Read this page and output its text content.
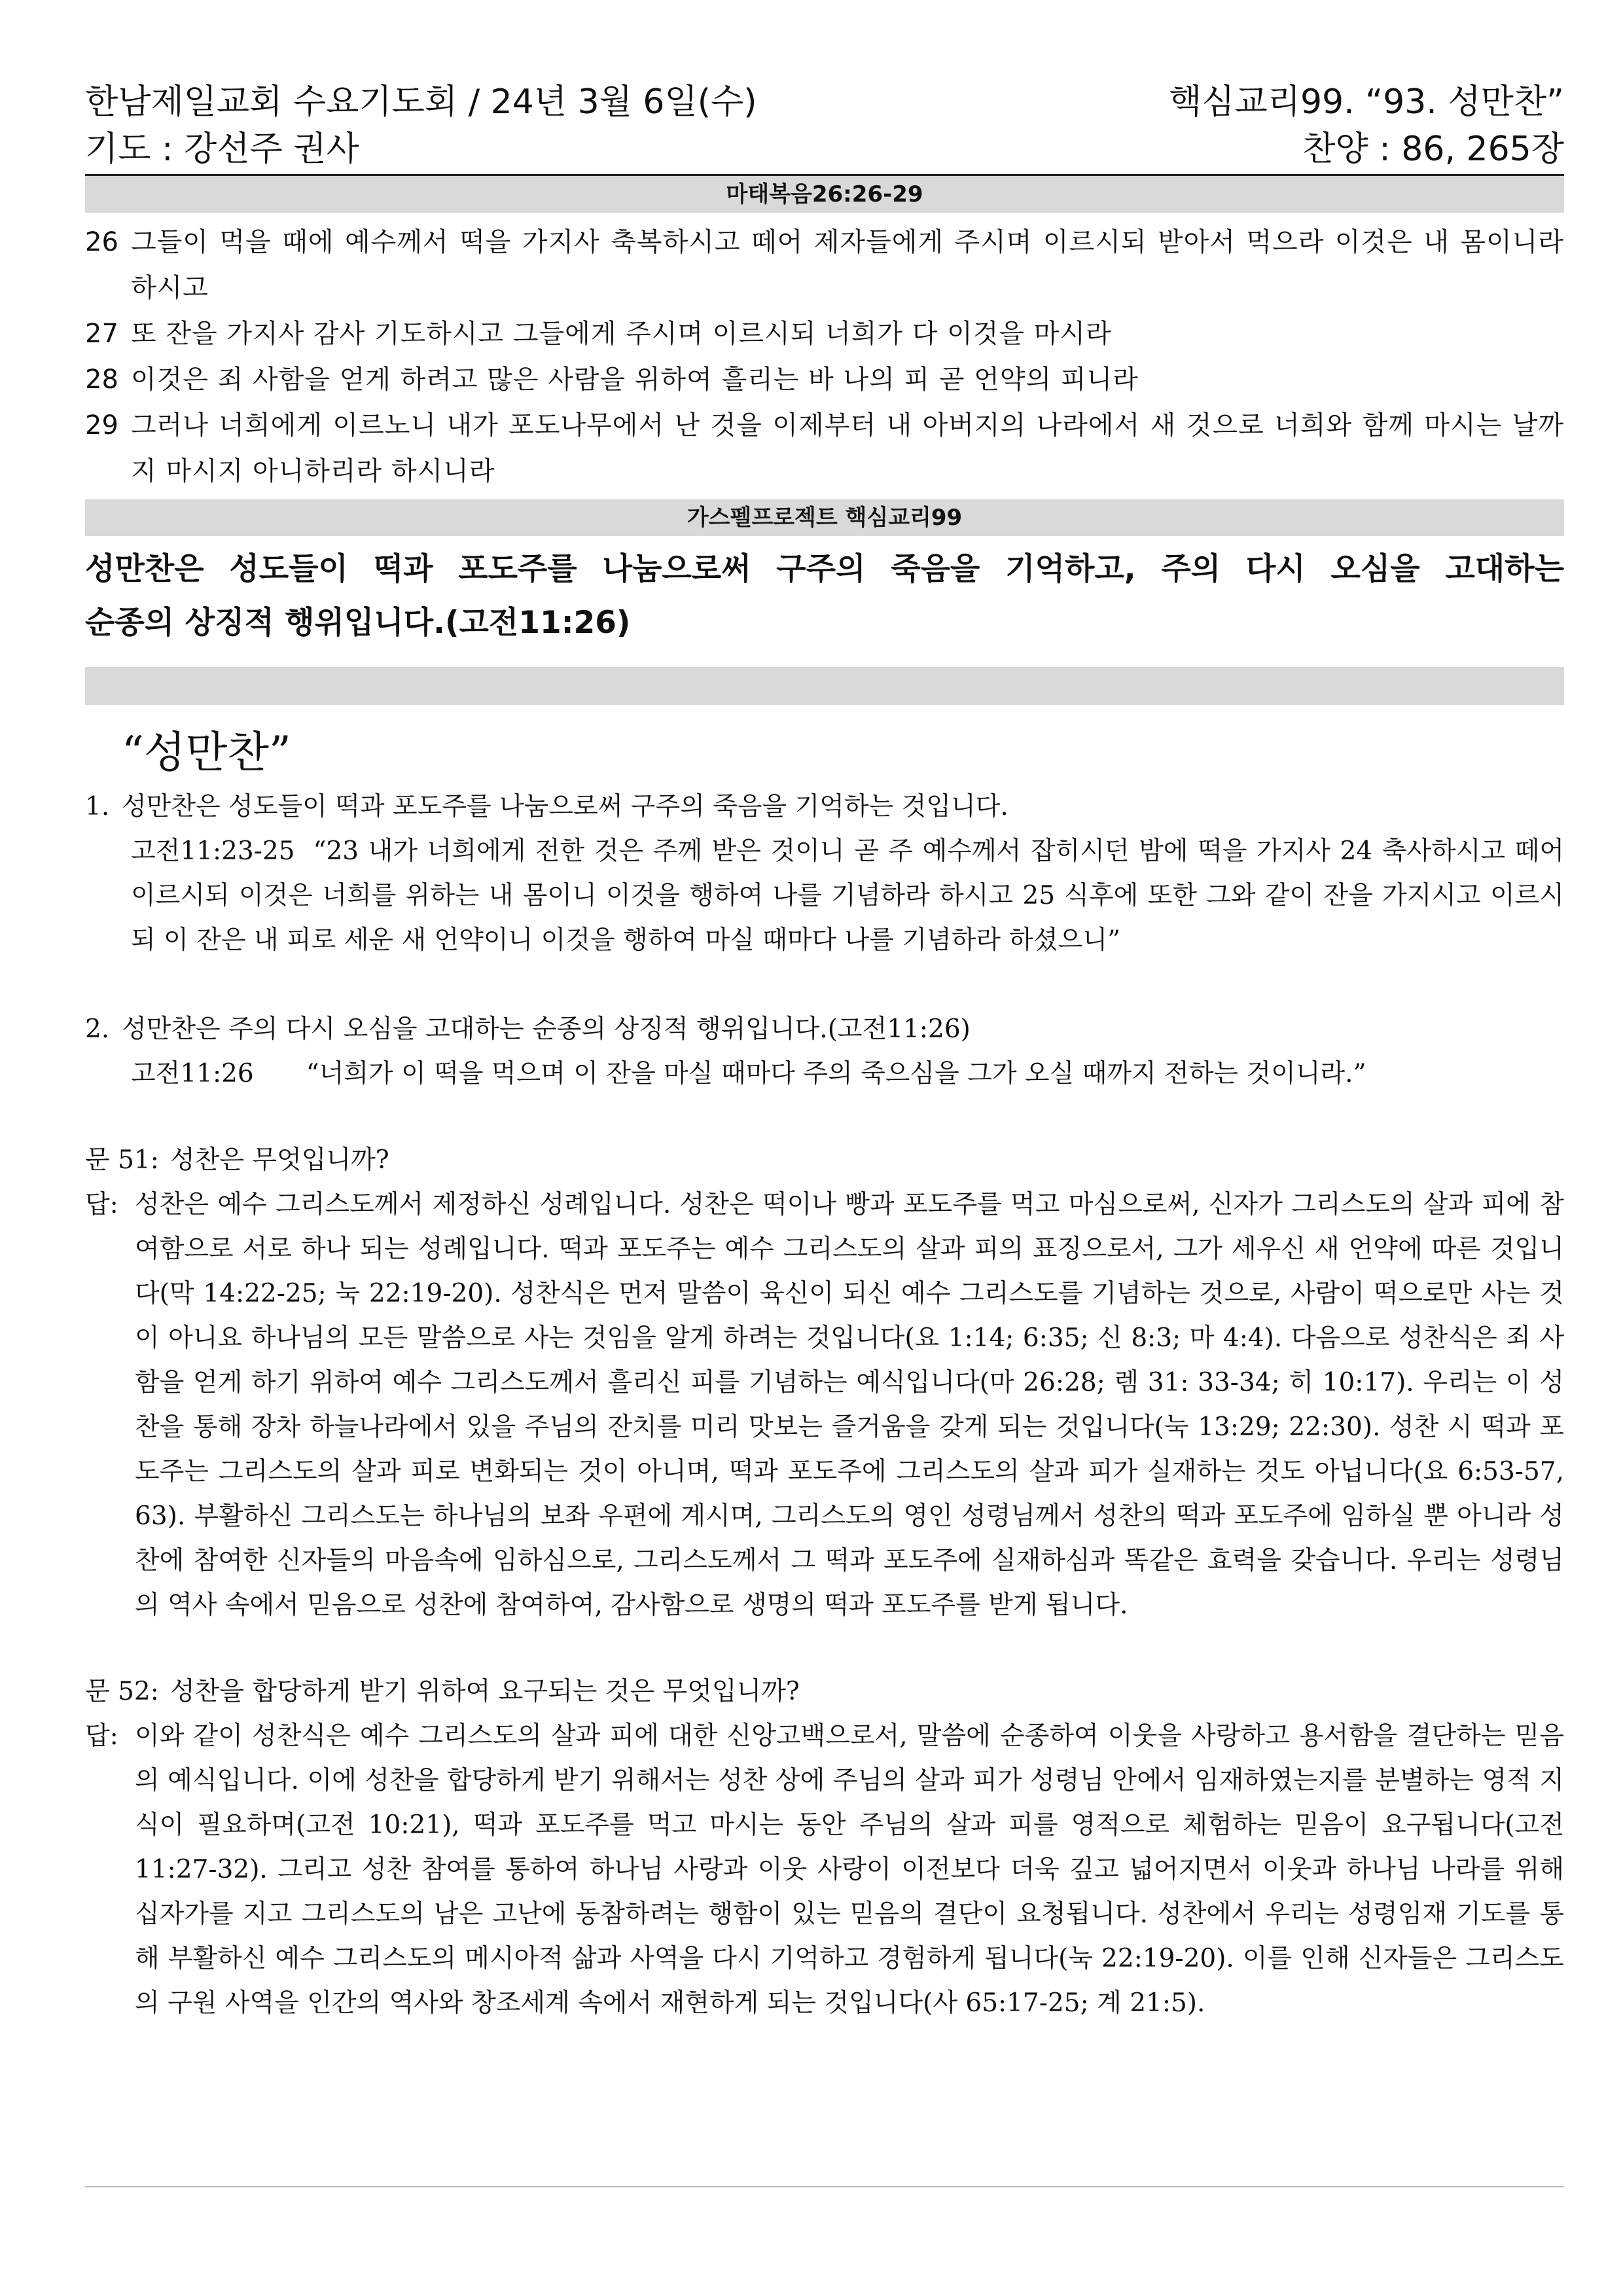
한남제일교회 수요기도회 / 24년 3월 6일(수)	핵심교리99. “93. 성만찬”
기도 : 강선주 권사	찬양 : 86, 265장
마태복음26:26-29
26 그들이 먹을 때에 예수께서 떡을 가지사 축복하시고 떼어 제자들에게 주시며 이르시되 받아서 먹으라 이것은 내 몸이니라 하시고
27 또 잔을 가지사 감사 기도하시고 그들에게 주시며 이르시되 너희가 다 이것을 마시라
28 이것은 죄 사함을 얻게 하려고 많은 사람을 위하여 흘리는 바 나의 피 곧 언약의 피니라
29 그러나 너희에게 이르노니 내가 포도나무에서 난 것을 이제부터 내 아버지의 나라에서 새 것으로 너희와 함께 마시는 날까지 마시지 아니하리라 하시니라
가스펠프로젝트 핵심교리99
성만찬은 성도들이 떡과 포도주를 나눔으로써 구주의 죽음을 기억하고, 주의 다시 오심을 고대하는
순종의 상징적 행위입니다.(고전11:26)
“성만찬”
1. 성만찬은 성도들이 떡과 포도주를 나눔으로써 구주의 죽음을 기억하는 것입니다.
고전11:23-25 “23 내가 너희에게 전한 것은 주께 받은 것이니 곧 주 예수께서 잡히시던 밤에 떡을 가지사 24 축사하시고 떼어 이르시되 이것은 너희를 위하는 내 몸이니 이것을 행하여 나를 기념하라 하시고 25 식후에 또한 그와 같이 잔을 가지시고 이르시되 이 잔은 내 피로 세운 새 언약이니 이것을 행하여 마실 때마다 나를 기념하라 하셨으니”
2. 성만찬은 주의 다시 오심을 고대하는 순종의 상징적 행위입니다.(고전11:26)
고전11:26 “너희가 이 떡을 먹으며 이 잔을 마실 때마다 주의 죽으심을 그가 오실 때까지 전하는 것이니라.”
문 51: 성찬은 무엇입니까?
답: 성찬은 예수 그리스도께서 제정하신 성례입니다. 성찬은 떡이나 빵과 포도주를 먹고 마심으로써, 신자가 그리스도의 살과 피에 참여함으로 서로 하나 되는 성례입니다. 떡과 포도주는 예수 그리스도의 살과 피의 표징으로서, 그가 세우신 새 언약에 따른 것입니다(막 14:22-25; 눅 22:19-20). 성찬식은 먼저 말씀이 육신이 되신 예수 그리스도를 기념하는 것으로, 사람이 떡으로만 사는 것이 아니요 하나님의 모든 말씀으로 사는 것임을 알게 하려는 것입니다(요 1:14; 6:35; 신 8:3; 마 4:4). 다음으로 성찬식은 죄 사함을 얻게 하기 위하여 예수 그리스도께서 흘리신 피를 기념하는 예식입니다(마 26:28; 렘 31: 33-34; 히 10:17). 우리는 이 성찬을 통해 장차 하늘나라에서 있을 주님의 잔치를 미리 맛보는 즐거움을 갖게 되는 것입니다(눅 13:29; 22:30). 성찬 시 떡과 포도주는 그리스도의 살과 피로 변화되는 것이 아니며, 떡과 포도주에 그리스도의 살과 피가 실재하는 것도 아닙니다(요 6:53-57, 63). 부활하신 그리스도는 하나님의 보좌 우편에 계시며, 그리스도의 영인 성령님께서 성찬의 떡과 포도주에 임하실 뿐 아니라 성찬에 참여한 신자들의 마음속에 임하심으로, 그리스도께서 그 떡과 포도주에 실재하심과 똑같은 효력을 갖습니다. 우리는 성령님의 역사 속에서 믿음으로 성찬에 참여하여, 감사함으로 생명의 떡과 포도주를 받게 됩니다.
문 52: 성찬을 합당하게 받기 위하여 요구되는 것은 무엇입니까?
답: 이와 같이 성찬식은 예수 그리스도의 살과 피에 대한 신앙고백으로서, 말씀에 순종하여 이웃을 사랑하고 용서함을 결단하는 믿음의 예식입니다. 이에 성찬을 합당하게 받기 위해서는 성찬 상에 주님의 살과 피가 성령님 안에서 임재하였는지를 분별하는 영적 지식이 필요하며(고전 10:21), 떡과 포도주를 먹고 마시는 동안 주님의 살과 피를 영적으로 체험하는 믿음이 요구됩니다(고전 11:27-32). 그리고 성찬 참여를 통하여 하나님 사랑과 이웃 사랑이 이전보다 더욱 깊고 넓어지면서 이웃과 하나님 나라를 위해 십자가를 지고 그리스도의 남은 고난에 동참하려는 행함이 있는 믿음의 결단이 요청됩니다. 성찬에서 우리는 성령임재 기도를 통해 부활하신 예수 그리스도의 메시아적 삶과 사역을 다시 기억하고 경험하게 됩니다(눅 22:19-20). 이를 인해 신자들은 그리스도의 구원 사역을 인간의 역사와 창조세계 속에서 재현하게 되는 것입니다(사 65:17-25; 계 21:5).
